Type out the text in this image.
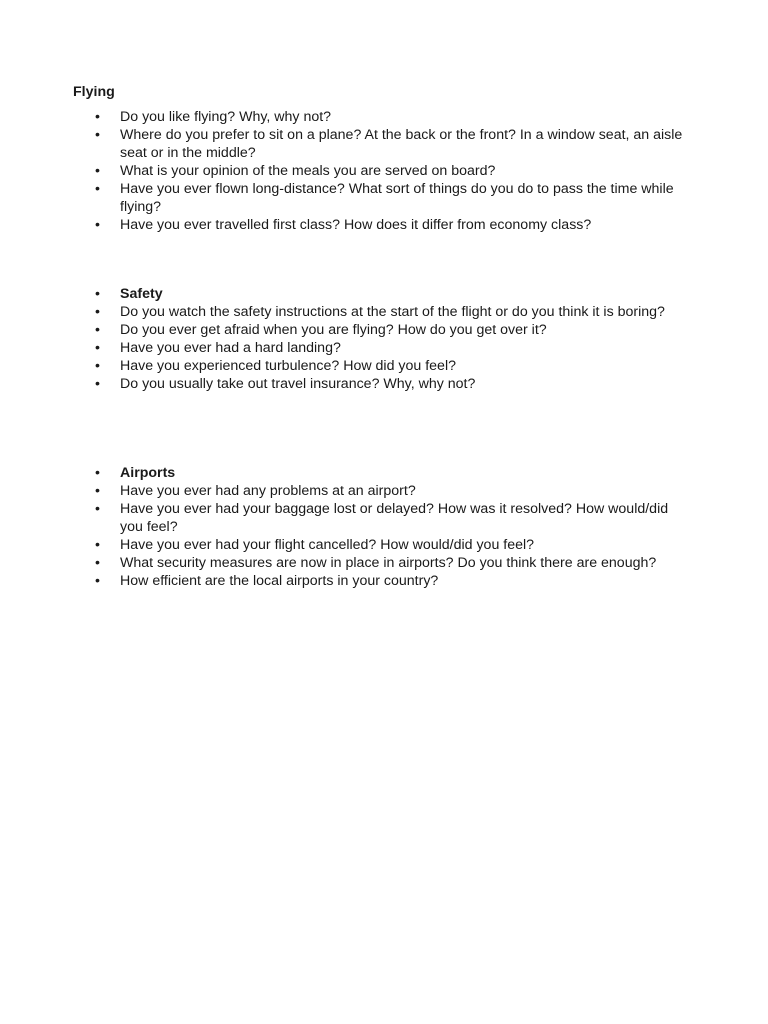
Flying
•	Do you like flying? Why, why not?
•	Where do you prefer to sit on a plane? At the back or the front? In a window seat, an aisle seat or in the middle?
•	What is your opinion of the meals you are served on board?
•	Have you ever flown long-distance? What sort of things do you do to pass the time while flying?
•	Have you ever travelled first class? How does it differ from economy class?
•	Safety
•	Do you watch the safety instructions at the start of the flight or do you think it is boring?
•	Do you ever get afraid when you are flying? How do you get over it?
•	Have you ever had a hard landing?
•	Have you experienced turbulence? How did you feel?
•	Do you usually take out travel insurance? Why, why not?
•	Airports
•	Have you ever had any problems at an airport?
•	Have you ever had your baggage lost or delayed? How was it resolved? How would/did you feel?
•	Have you ever had your flight cancelled? How would/did you feel?
•	What security measures are now in place in airports? Do you think there are enough?
•	How efficient are the local airports in your country?
